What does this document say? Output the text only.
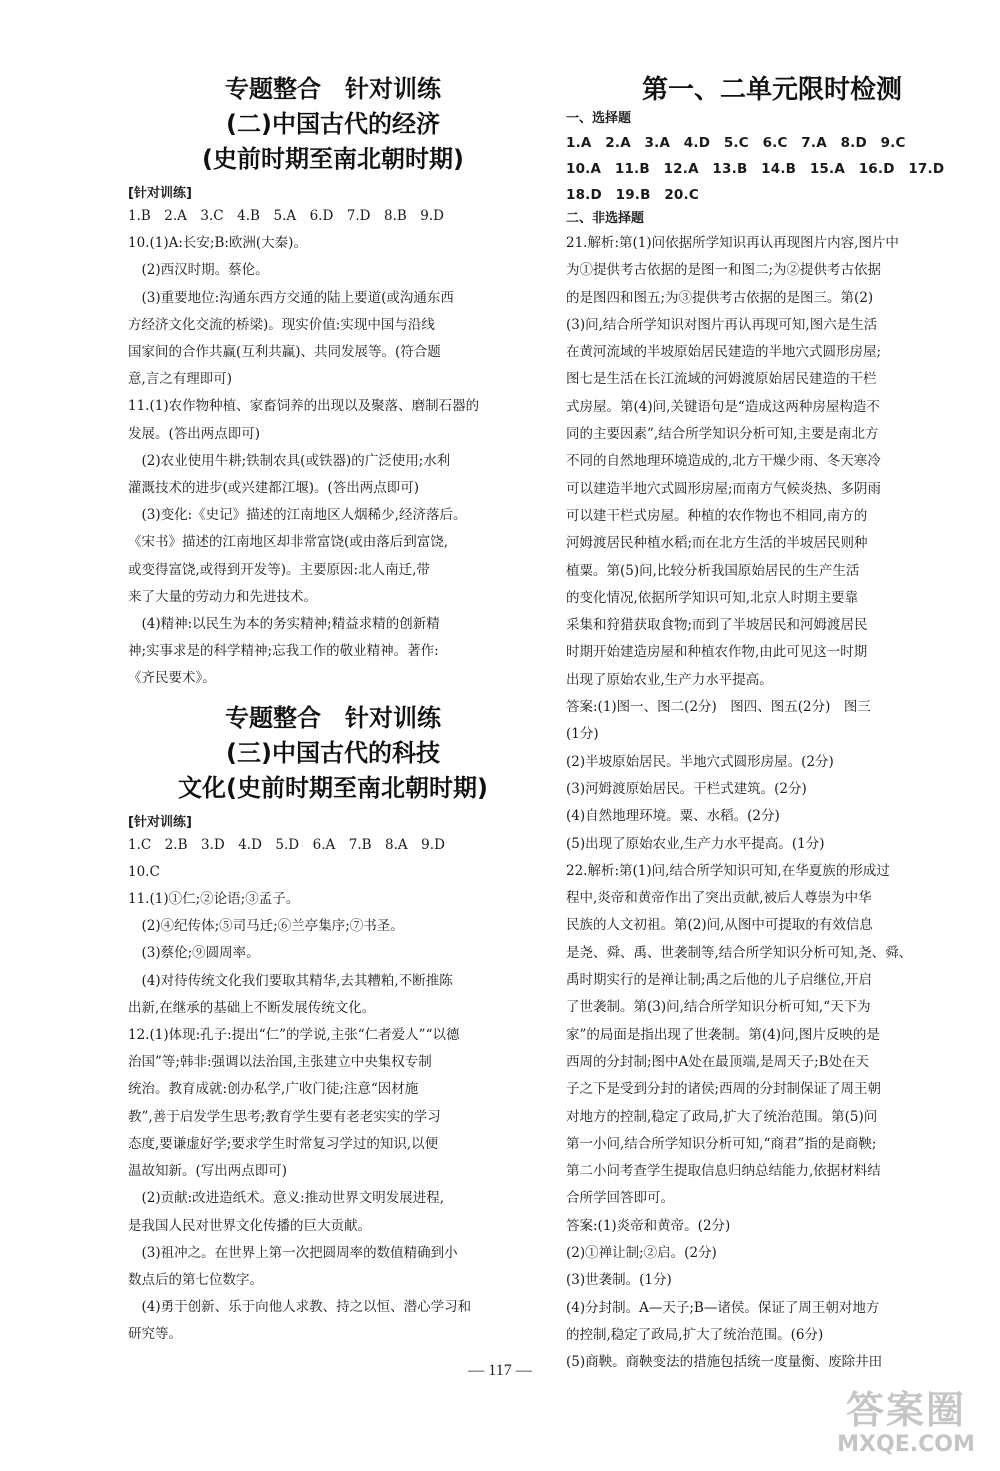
专题整合　针对训练
(二)中国古代的经济
(史前时期至南北朝时期)
[针对训练]
1.B　2.A　3.C　4.B　5.A　6.D　7.D　8.B　9.D
10.(1)A:长安;B:欧洲(大秦)。
　(2)西汉时期。蔡伦。
　(3)重要地位:沟通东西方交通的陆上要道(或沟通东西
方经济文化交流的桥梁)。现实价值:实现中国与沿线
国家间的合作共赢(互利共赢)、共同发展等。(符合题
意,言之有理即可)
11.(1)农作物种植、家畜饲养的出现以及聚落、磨制石器的
发展。(答出两点即可)
　(2)农业使用牛耕;铁制农具(或铁器)的广泛使用;水利
灌溉技术的进步(或兴建都江堰)。(答出两点即可)
　(3)变化:《史记》描述的江南地区人烟稀少,经济落后。
《宋书》描述的江南地区却非常富饶(或由落后到富饶,
或变得富饶,或得到开发等)。主要原因:北人南迁,带
来了大量的劳动力和先进技术。
　(4)精神:以民生为本的务实精神;精益求精的创新精
神;实事求是的科学精神;忘我工作的敬业精神。著作:
《齐民要术》。
专题整合　针对训练
(三)中国古代的科技
文化(史前时期至南北朝时期)
[针对训练]
1.C　2.B　3.D　4.D　5.D　6.A　7.B　8.A　9.D
10.C
11.(1)①仁;②论语;③孟子。
　(2)④纪传体;⑤司马迁;⑥兰亭集序;⑦书圣。
　(3)蔡伦;⑨圆周率。
　(4)对待传统文化我们要取其精华,去其糟粕,不断推陈
出新,在继承的基础上不断发展传统文化。
12.(1)体现:孔子:提出“仁”的学说,主张“仁者爱人”“以德
治国”等;韩非:强调以法治国,主张建立中央集权专制
统治。教育成就:创办私学,广收门徒;注意“因材施
教”,善于启发学生思考;教育学生要有老老实实的学习
态度,要谦虚好学;要求学生时常复习学过的知识,以便
温故知新。(写出两点即可)
　(2)贡献:改进造纸术。意义:推动世界文明发展进程,
是我国人民对世界文化传播的巨大贡献。
　(3)祖冲之。在世界上第一次把圆周率的数值精确到小
数点后的第七位数字。
　(4)勇于创新、乐于向他人求教、持之以恒、潜心学习和
研究等。
第一、二单元限时检测
一、选择题
1.A　2.A　3.A　4.D　5.C　6.C　7.A　8.D　9.C
10.A　11.B　12.A　13.B　14.B　15.A　16.D　17.D
18.D　19.B　20.C
二、非选择题
21.解析:第(1)问依据所学知识再认再现图片内容,图片中
为①提供考古依据的是图一和图二;为②提供考古依据
的是图四和图五;为③提供考古依据的是图三。第(2)
(3)问,结合所学知识对图片再认再现可知,图六是生活
在黄河流域的半坡原始居民建造的半地穴式圆形房屋;
图七是生活在长江流域的河姆渡原始居民建造的干栏
式房屋。第(4)问,关键语句是“造成这两种房屋构造不
同的主要因素”,结合所学知识分析可知,主要是南北方
不同的自然地理环境造成的,北方干燥少雨、冬天寒冷
可以建造半地穴式圆形房屋;而南方气候炎热、多阴雨
可以建干栏式房屋。种植的农作物也不相同,南方的
河姆渡居民种植水稻;而在北方生活的半坡居民则种
植粟。第(5)问,比较分析我国原始居民的生产生活
的变化情况,依据所学知识可知,北京人时期主要靠
采集和狩猎获取食物;而到了半坡居民和河姆渡居民
时期开始建造房屋和种植农作物,由此可见这一时期
出现了原始农业,生产力水平提高。
答案:(1)图一、图二(2分)　图四、图五(2分)　图三
(1分)
(2)半坡原始居民。半地穴式圆形房屋。(2分)
(3)河姆渡原始居民。干栏式建筑。(2分)
(4)自然地理环境。粟、水稻。(2分)
(5)出现了原始农业,生产力水平提高。(1分)
22.解析:第(1)问,结合所学知识可知,在华夏族的形成过
程中,炎帝和黄帝作出了突出贡献,被后人尊崇为中华
民族的人文初祖。第(2)问,从图中可提取的有效信息
是尧、舜、禹、世袭制等,结合所学知识分析可知,尧、舜、
禹时期实行的是禅让制;禹之后他的儿子启继位,开启
了世袭制。第(3)问,结合所学知识分析可知,“天下为
家”的局面是指出现了世袭制。第(4)问,图片反映的是
西周的分封制;图中A处在最顶端,是周天子;B处在天
子之下是受到分封的诸侯;西周的分封制保证了周王朝
对地方的控制,稳定了政局,扩大了统治范围。第(5)问
第一小问,结合所学知识分析可知,“商君”指的是商鞅;
第二小问考查学生提取信息归纳总结能力,依据材料结
合所学回答即可。
答案:(1)炎帝和黄帝。(2分)
(2)①禅让制;②启。(2分)
(3)世袭制。(1分)
(4)分封制。A—天子;B—诸侯。保证了周王朝对地方
的控制,稳定了政局,扩大了统治范围。(6分)
(5)商鞅。商鞅变法的措施包括统一度量衡、废除井田
— 117 —
答案圈
MXQE.COM
